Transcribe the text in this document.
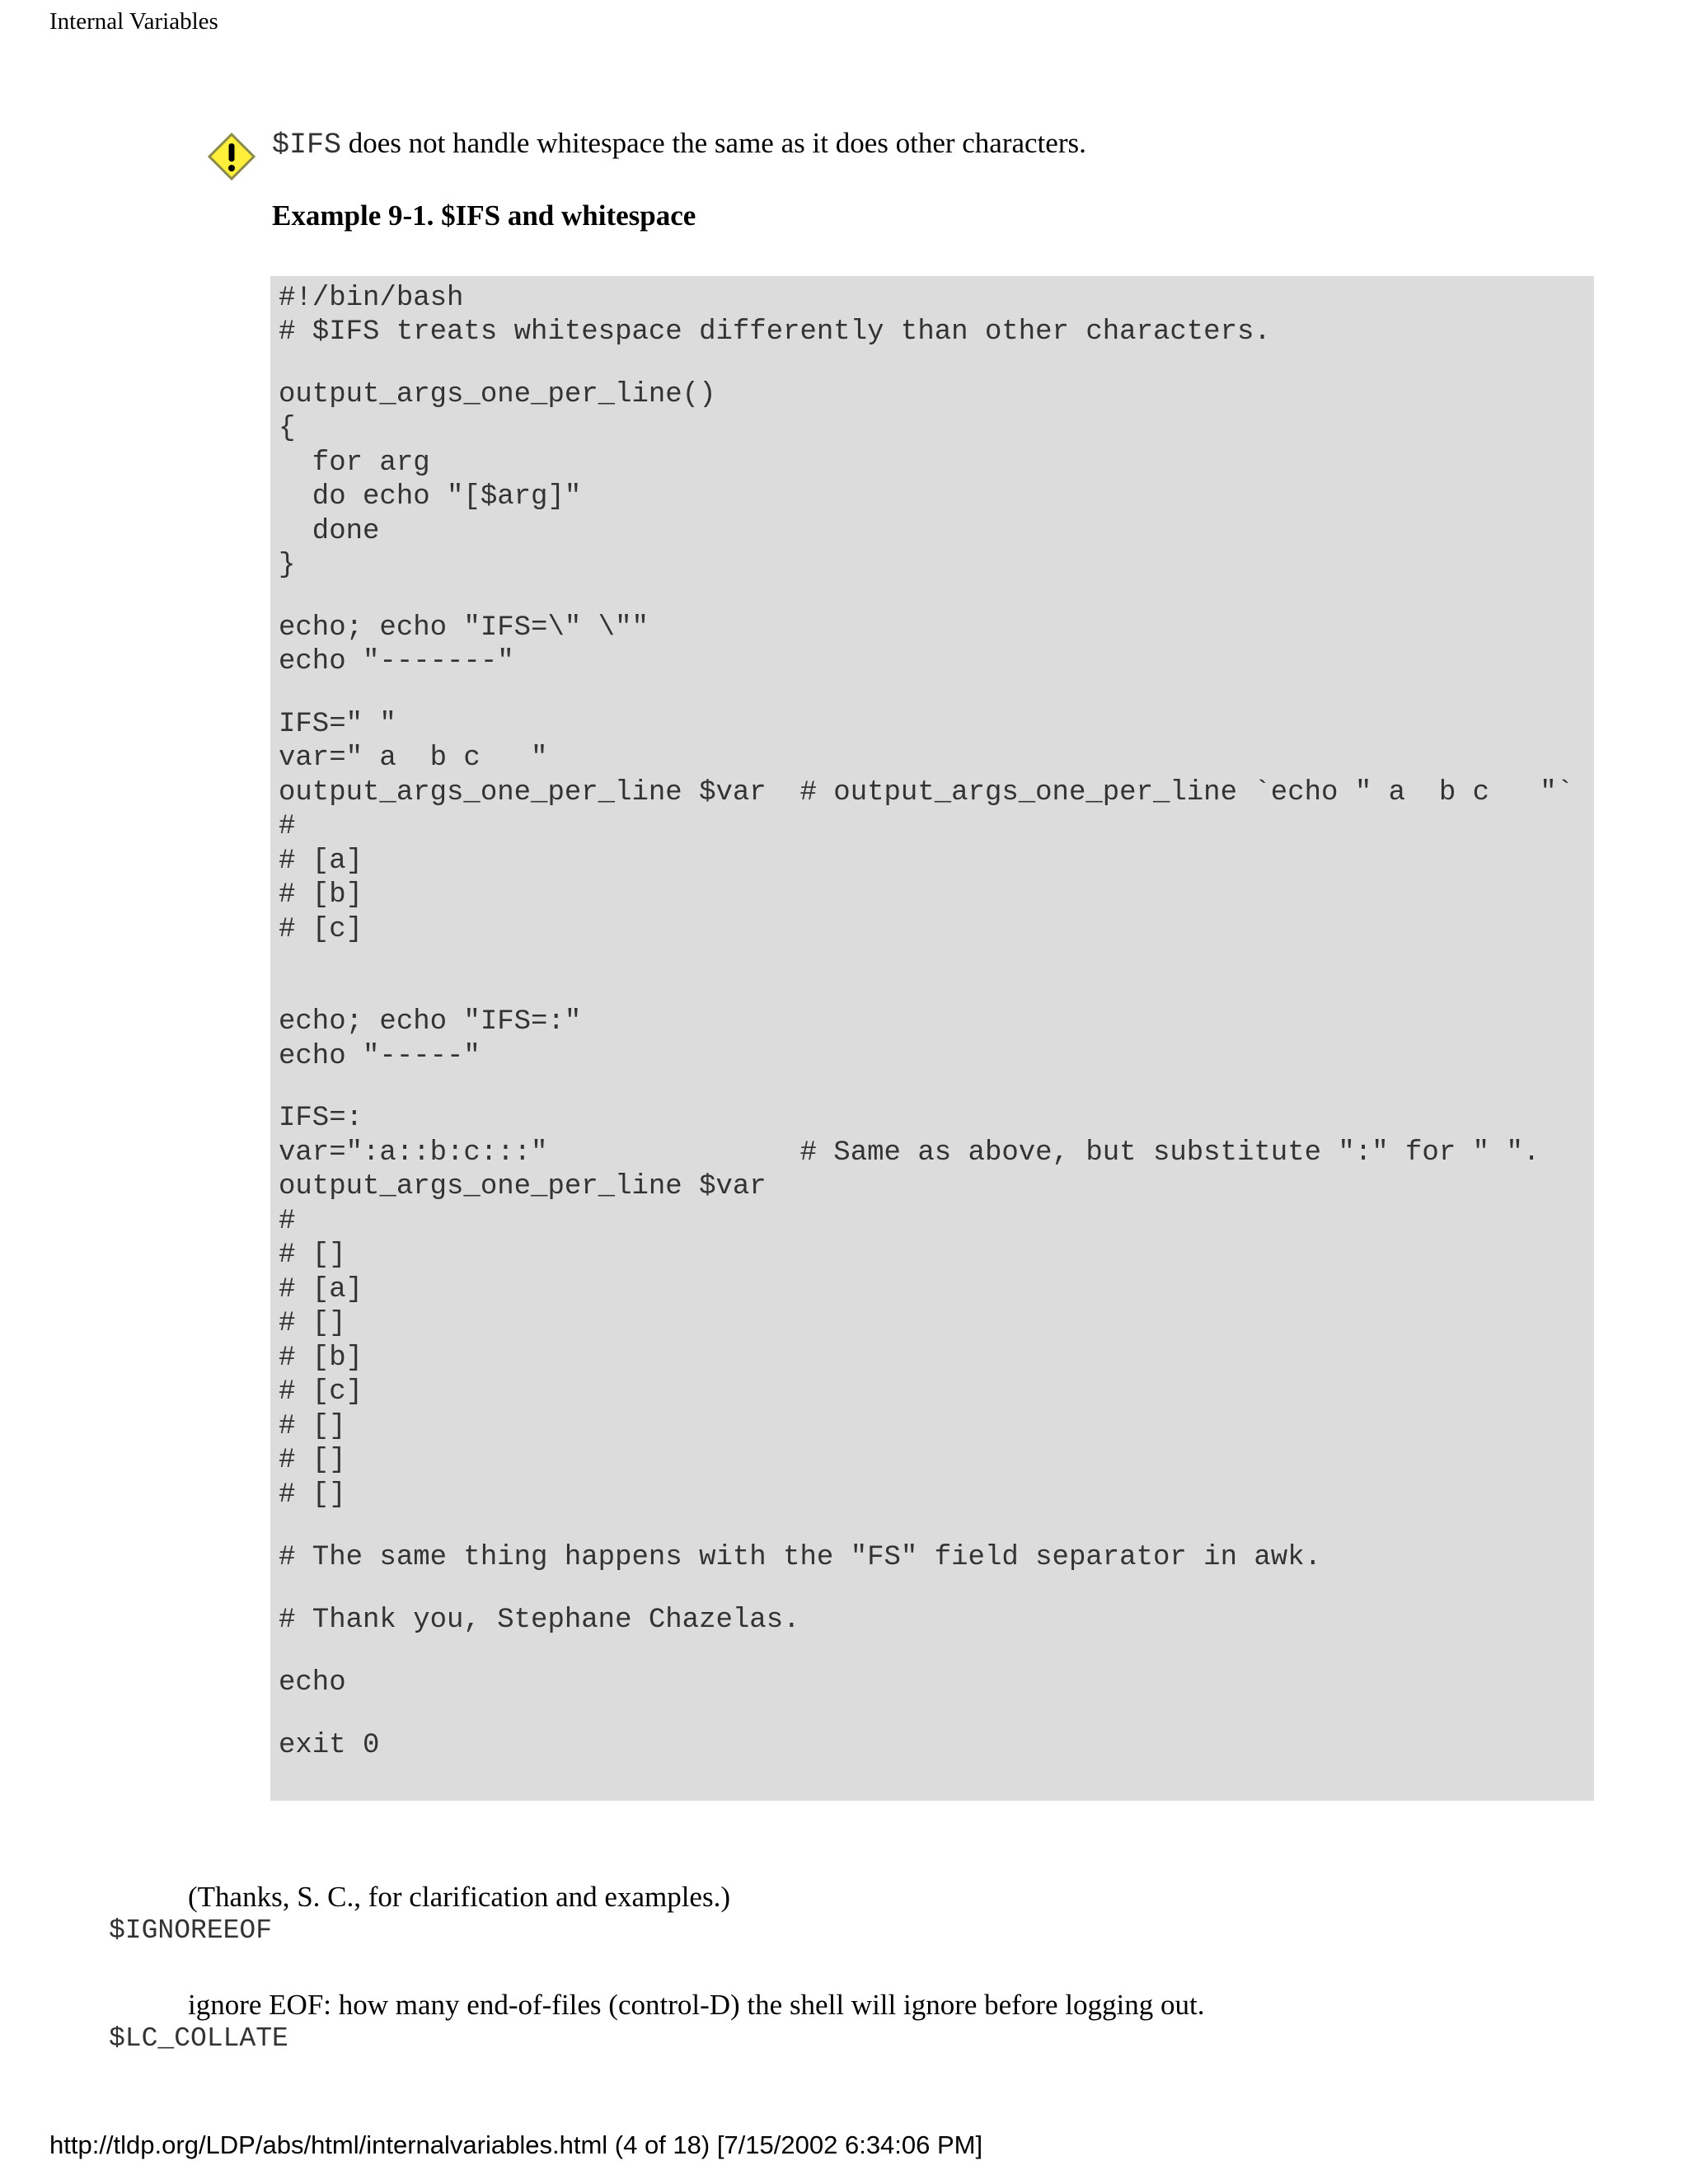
Internal Variables
$IFS does not handle whitespace the same as it does other characters.
Example 9-1. $IFS and whitespace
#!/bin/bash
# $IFS treats whitespace differently than other characters.
output_args_one_per_line()
{
for arg
do echo "[$arg]"
done
}
echo; echo "IFS=\" \""
echo "-------"
IFS=" "
var=" a  b c   "
output_args_one_per_line $var  # output_args_one_per_line `echo " a  b c   "`
#
# [a]
# [b]
# [c]
echo; echo "IFS=:"
echo "-----"
IFS=:
var=":a::b:c:::"               # Same as above, but substitute ":" for " ".
output_args_one_per_line $var
#
# []
# [a]
# []
# [b]
# [c]
# []
# []
# []
# The same thing happens with the "FS" field separator in awk.
# Thank you, Stephane Chazelas.
echo
exit 0
(Thanks, S. C., for clarification and examples.)
$IGNOREEOF
ignore EOF: how many end-of-files (control-D) the shell will ignore before logging out.
$LC_COLLATE
http://tldp.org/LDP/abs/html/internalvariables.html (4 of 18) [7/15/2002 6:34:06 PM]
